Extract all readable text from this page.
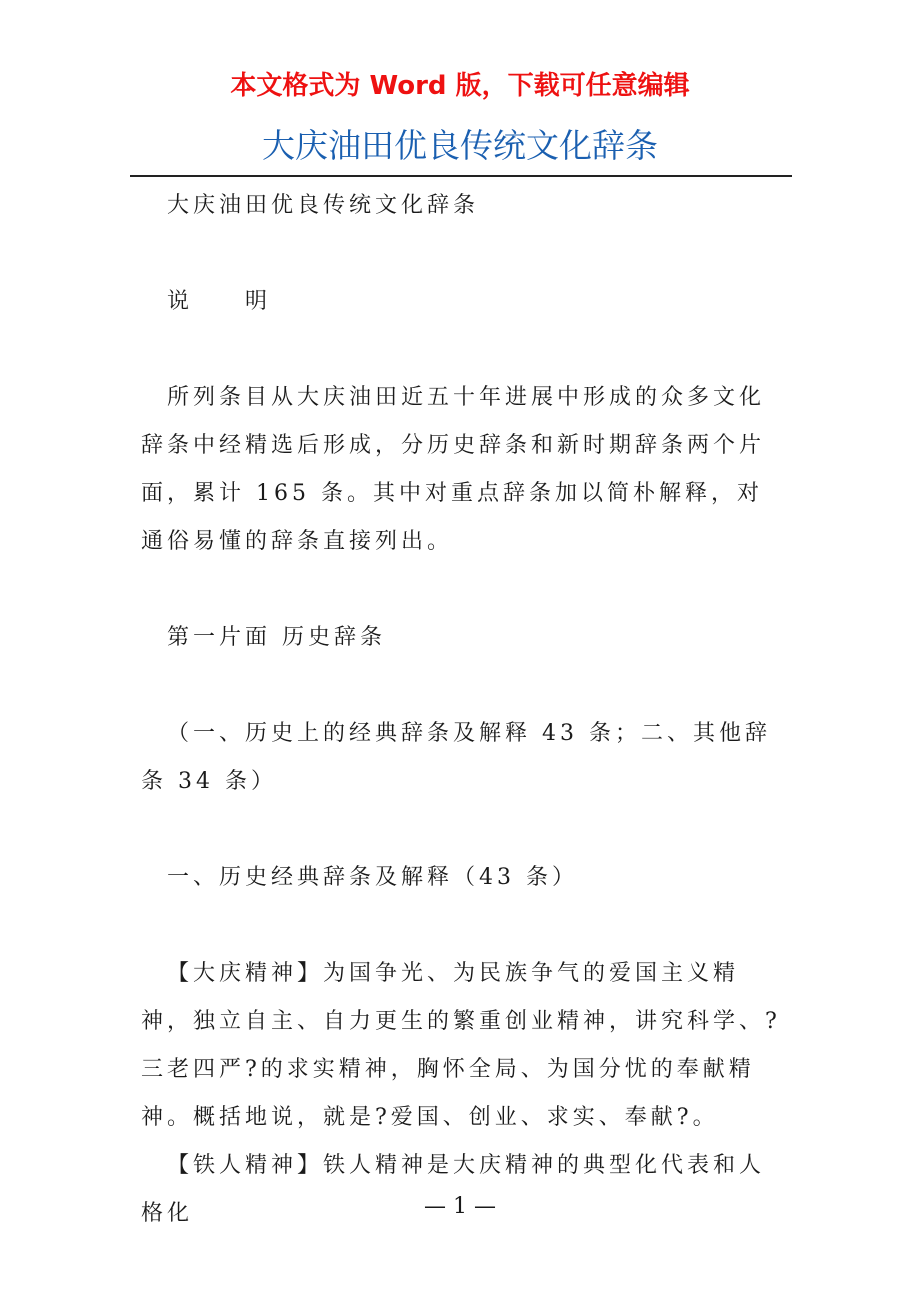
本文格式为 Word 版，下载可任意编辑
大庆油田优良传统文化辞条

大庆油田优良传统文化辞条

说　　明

所列条目从大庆油田近五十年进展中形成的众多文化辞条中经精选后形成，分历史辞条和新时期辞条两个片面，累计 165 条。其中对重点辞条加以简朴解释，对通俗易懂的辞条直接列出。

第一片面 历史辞条

（一、历史上的经典辞条及解释 43 条；二、其他辞条 34 条）

一、历史经典辞条及解释（43 条）

【大庆精神】为国争光、为民族争气的爱国主义精神，独立自主、自力更生的繁重创业精神，讲究科学、?三老四严?的求实精神，胸怀全局、为国分忧的奉献精神。概括地说，就是?爱国、创业、求实、奉献?。

【铁人精神】铁人精神是大庆精神的典型化代表和人格化	— 1 —
